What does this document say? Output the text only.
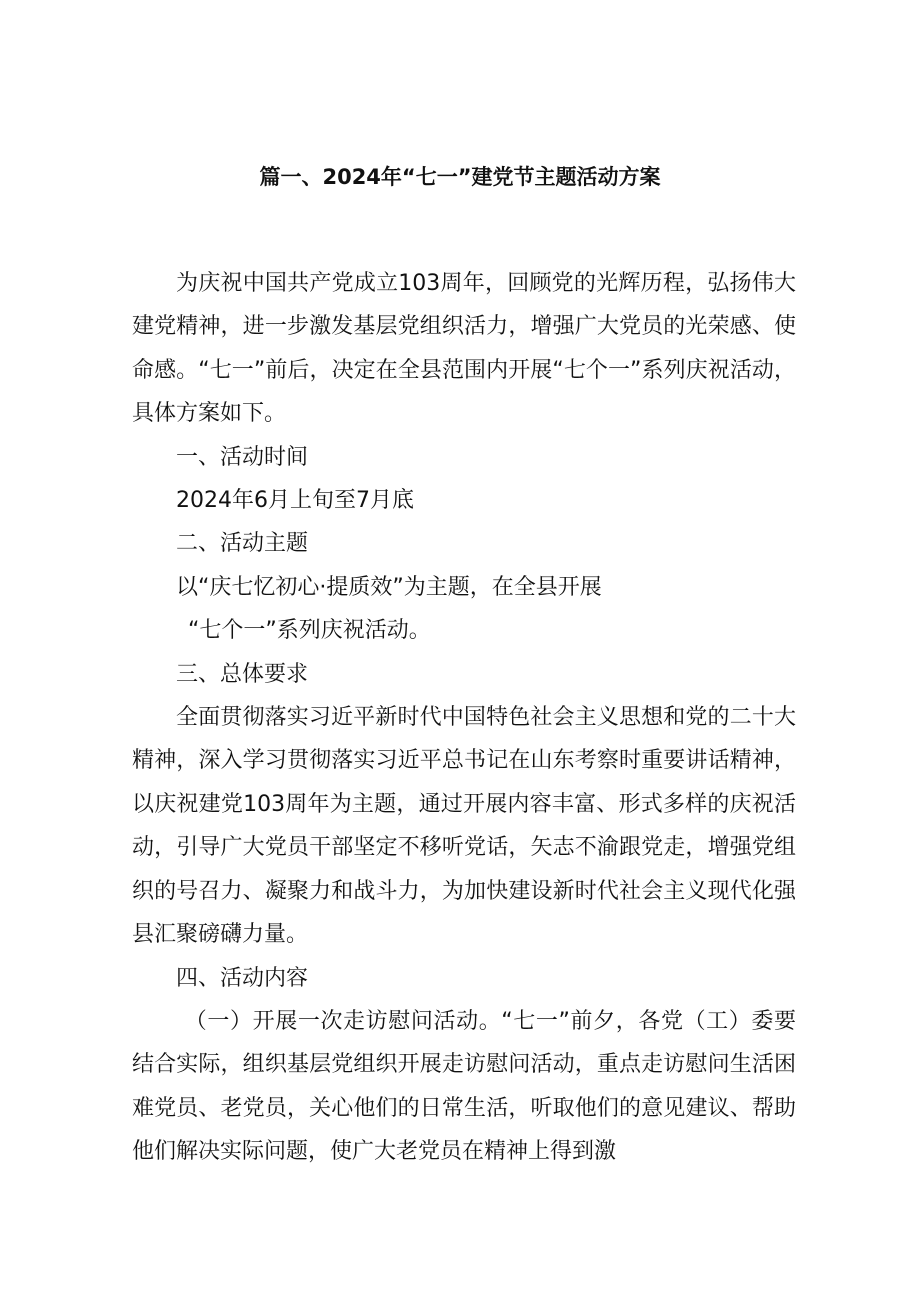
篇一、2024年“七一”建党节主题活动方案

为庆祝中国共产党成立103周年，回顾党的光辉历程，弘扬伟大建党精神，进一步激发基层党组织活力，增强广大党员的光荣感、使命感。“七一”前后，决定在全县范围内开展“七个一”系列庆祝活动，具体方案如下。

一、活动时间

2024年6月上旬至7月底

二、活动主题

以“庆七忆初心·提质效”为主题，在全县开展

“七个一”系列庆祝活动。

三、总体要求

全面贯彻落实习近平新时代中国特色社会主义思想和党的二十大精神，深入学习贯彻落实习近平总书记在山东考察时重要讲话精神，以庆祝建党103周年为主题，通过开展内容丰富、形式多样的庆祝活动，引导广大党员干部坚定不移听党话，矢志不渝跟党走，增强党组织的号召力、凝聚力和战斗力，为加快建设新时代社会主义现代化强县汇聚磅礴力量。

四、活动内容

（一）开展一次走访慰问活动。“七一”前夕，各党（工）委要结合实际，组织基层党组织开展走访慰问活动，重点走访慰问生活困难党员、老党员，关心他们的日常生活，听取他们的意见建议、帮助他们解决实际问题，使广大老党员在精神上得到激
